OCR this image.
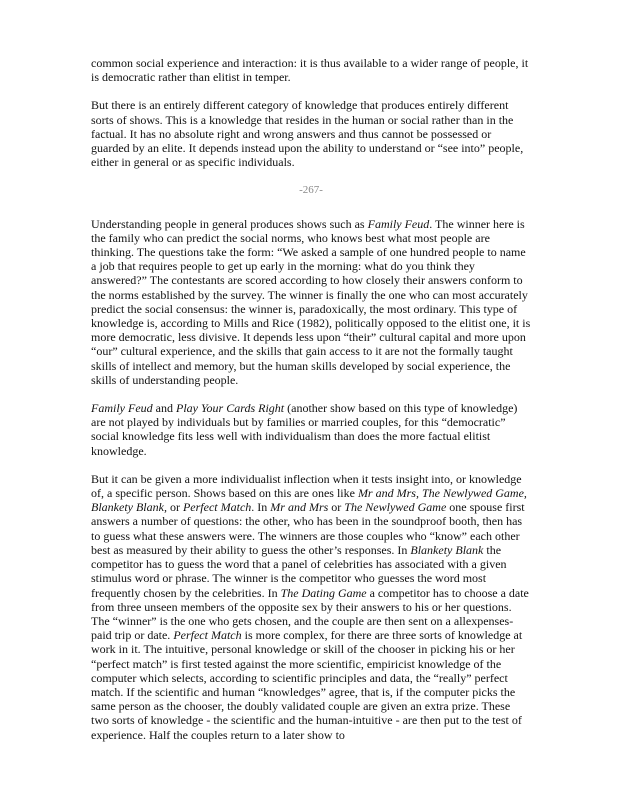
common social experience and interaction: it is thus available to a wider range of people, it is democratic rather than elitist in temper.

But there is an entirely different category of knowledge that produces entirely different sorts of shows. This is a knowledge that resides in the human or social rather than in the factual. It has no absolute right and wrong answers and thus cannot be possessed or guarded by an elite. It depends instead upon the ability to understand or “see into” people, either in general or as specific individuals.

-267-

Understanding people in general produces shows such as Family Feud. The winner here is the family who can predict the social norms, who knows best what most people are thinking. The questions take the form: “We asked a sample of one hundred people to name a job that requires people to get up early in the morning: what do you think they answered?” The contestants are scored according to how closely their answers conform to the norms established by the survey. The winner is finally the one who can most accurately predict the social consensus: the winner is, paradoxically, the most ordinary. This type of knowledge is, according to Mills and Rice (1982), politically opposed to the elitist one, it is more democratic, less divisive. It depends less upon “their” cultural capital and more upon “our” cultural experience, and the skills that gain access to it are not the formally taught skills of intellect and memory, but the human skills developed by social experience, the skills of understanding people.

Family Feud and Play Your Cards Right (another show based on this type of knowledge) are not played by individuals but by families or married couples, for this “democratic” social knowledge fits less well with individualism than does the more factual elitist knowledge.

But it can be given a more individualist inflection when it tests insight into, or knowledge of, a specific person. Shows based on this are ones like Mr and Mrs, The Newlywed Game, Blankety Blank, or Perfect Match. In Mr and Mrs or The Newlywed Game one spouse first answers a number of questions: the other, who has been in the soundproof booth, then has to guess what these answers were. The winners are those couples who “know” each other best as measured by their ability to guess the other’s responses. In Blankety Blank the competitor has to guess the word that a panel of celebrities has associated with a given stimulus word or phrase. The winner is the competitor who guesses the word most frequently chosen by the celebrities. In The Dating Game a competitor has to choose a date from three unseen members of the opposite sex by their answers to his or her questions. The “winner” is the one who gets chosen, and the couple are then sent on a allexpenses-paid trip or date. Perfect Match is more complex, for there are three sorts of knowledge at work in it. The intuitive, personal knowledge or skill of the chooser in picking his or her “perfect match” is first tested against the more scientific, empiricist knowledge of the computer which selects, according to scientific principles and data, the “really” perfect match. If the scientific and human “knowledges” agree, that is, if the computer picks the same person as the chooser, the doubly validated couple are given an extra prize. These two sorts of knowledge - the scientific and the human-intuitive - are then put to the test of experience. Half the couples return to a later show to
